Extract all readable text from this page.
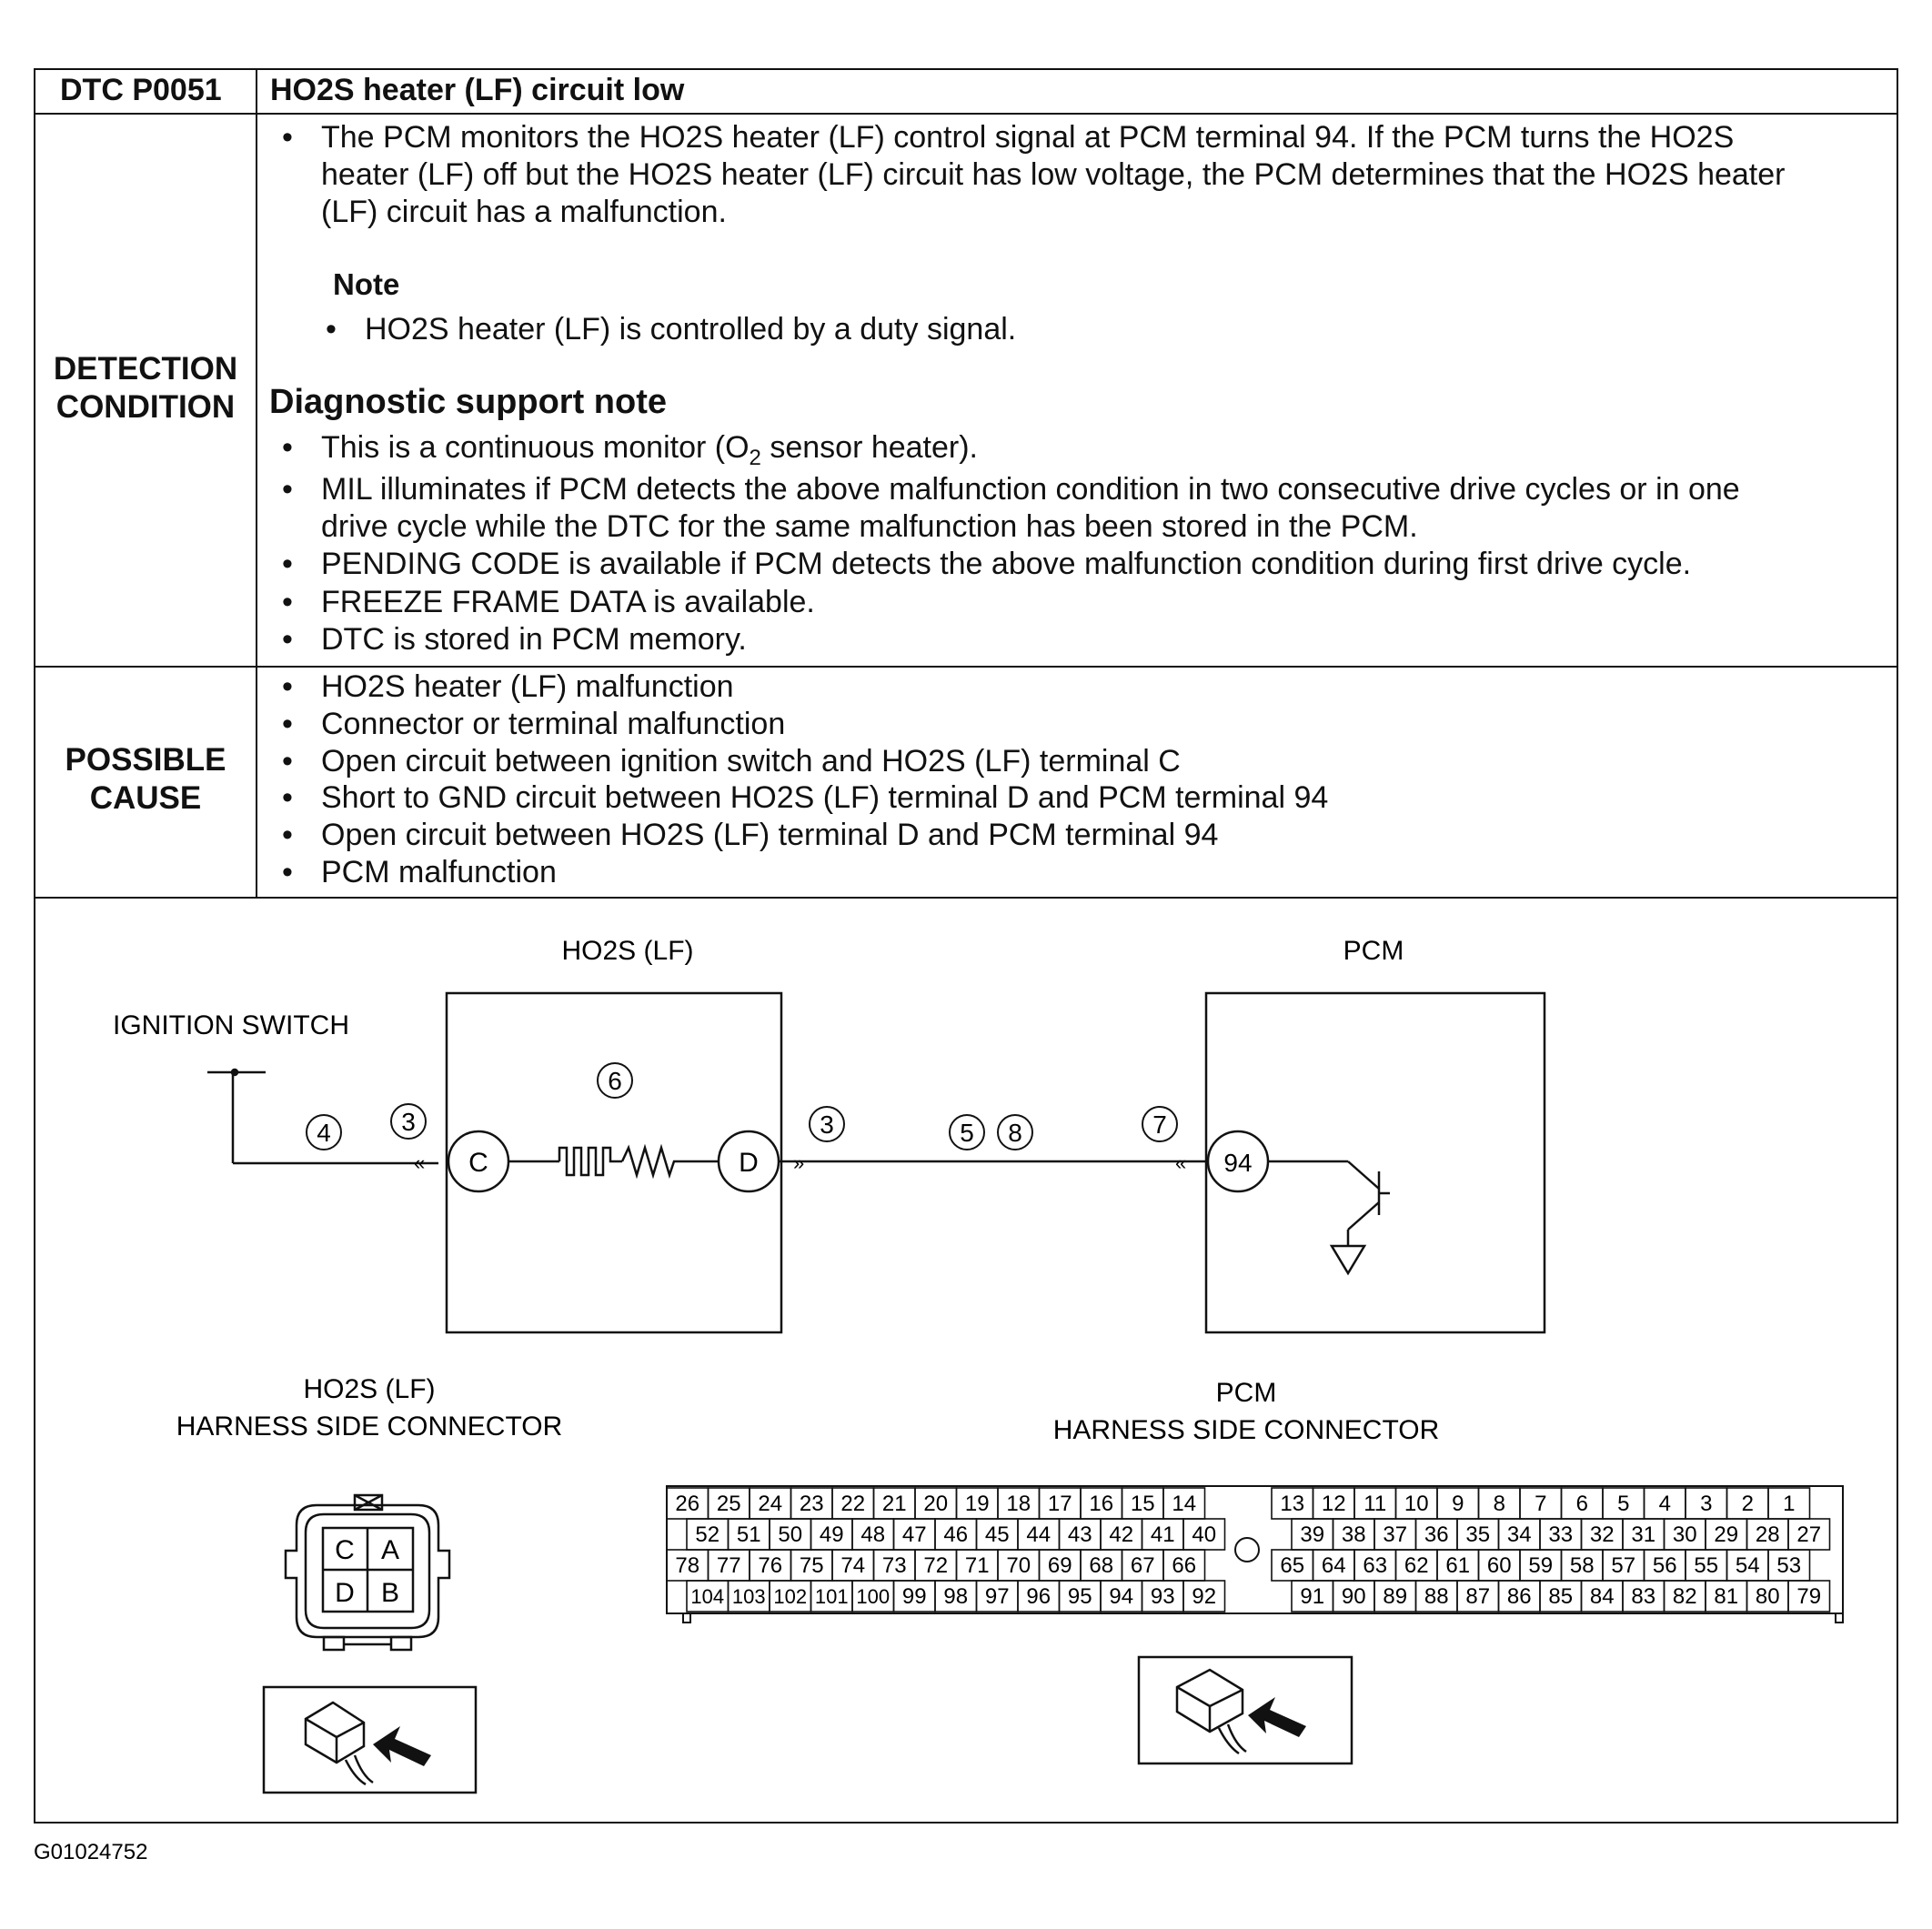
DTC P0051 HO2S heater (LF) circuit low
DETECTION
CONDITION
• The PCM monitors the HO2S heater (LF) control signal at PCM terminal 94. If the PCM turns the HO2S
heater (LF) off but the HO2S heater (LF) circuit has low voltage, the PCM determines that the HO2S heater
(LF) circuit has a malfunction.
Note
• HO2S heater (LF) is controlled by a duty signal.
Diagnostic support note
• This is a continuous monitor ($O_2$ sensor heater).
• MIL illuminates if PCM detects the above malfunction condition in two consecutive drive cycles or in one
drive cycle while the DTC for the same malfunction has been stored in the PCM.
• PENDING CODE is available if PCM detects the above malfunction condition during first drive cycle.
• FREEZE FRAME DATA is available.
• DTC is stored in PCM memory.
POSSIBLE
CAUSE
• HO2S heater (LF) malfunction
• Connector or terminal malfunction
• Open circuit between ignition switch and HO2S (LF) terminal C
• Short to GND circuit between HO2S (LF) terminal D and PCM terminal 94
• Open circuit between HO2S (LF) terminal D and PCM terminal 94
• PCM malfunction
HO2S (LF)	PCM
IGNITION SWITCH
«	»	«
C	D	94
4	3
6
3	5 8	7
HO2S (LF)
HARNESS SIDE CONNECTOR
PCM
HARNESS SIDE CONNECTOR
C A
D B
26 25 24 23 22 21 20 19 18 17 16 15 14	13 12 11 10 9 8 7 6 5 4 3 2 1
52 51 50 49 48 47 46 45 44 43 42 41 40	39 38 37 36 35 34 33 32 31 30 29 28 27
78 77 76 75 74 73 72 71 70 69 68 67 66	65 64 63 62 61 60 59 58 57 56 55 54 53
104 103 102 101 100 99 98 97 96 95 94 93 92	91 90 89 88 87 86 85 84 83 82 81 80 79
G01024752
